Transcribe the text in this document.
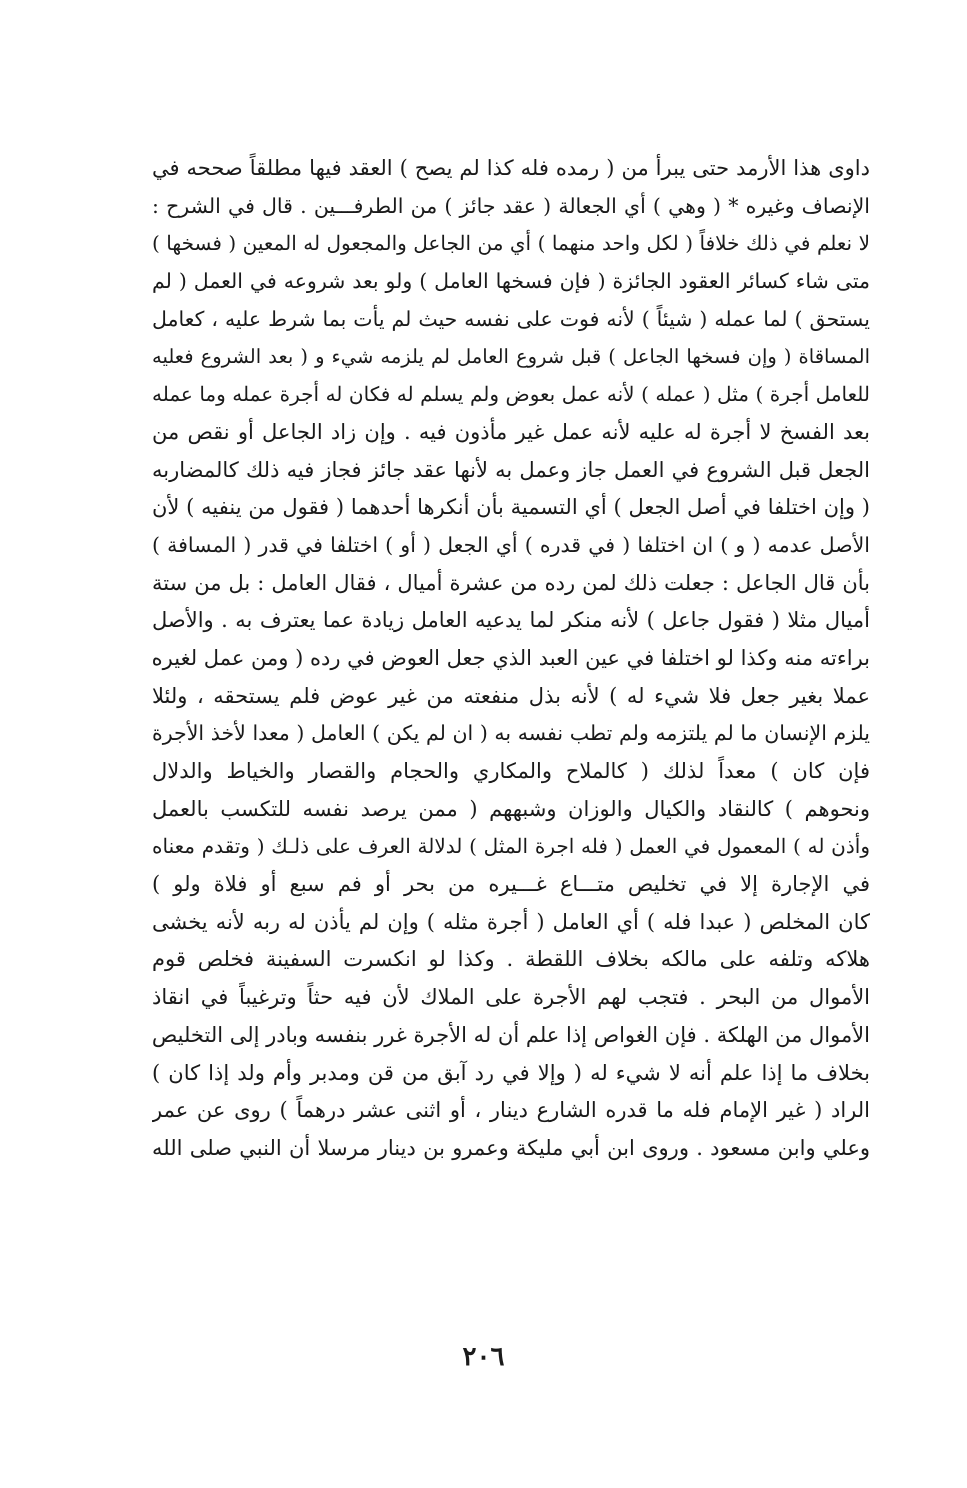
داوى هذا الأرمد حتى يبرأ من ( رمده فله كذا لم يصح ) العقد فيها مطلقاً صححه في
الإنصاف وغيره * ( وهي ) أي الجعالة ( عقد جائز ) من الطرفـــين . قال في الشرح :
لا نعلم في ذلك خلافاً ( لكل واحد منهما ) أي من الجاعل والمجعول له المعين ( فسخها )
متى شاء كسائر العقود الجائزة ( فإن فسخها العامل ) ولو بعد شروعه في العمل ( لم
يستحق ) لما عمله ( شيئاً ) لأنه فوت على نفسه حيث لم يأت بما شرط عليه ، كعامل
المساقاة ( وإن فسخها الجاعل ) قبل شروع العامل لم يلزمه شيء و ( بعد الشروع فعليه
للعامل أجرة ) مثل ( عمله ) لأنه عمل بعوض ولم يسلم له فكان له أجرة عمله وما عمله
بعد الفسخ لا أجرة له عليه لأنه عمل غير مأذون فيه . وإن زاد الجاعل أو نقص من
الجعل قبل الشروع في العمل جاز وعمل به لأنها عقد جائز فجاز فيه ذلك كالمضاربه
( وإن اختلفا في أصل الجعل ) أي التسمية بأن أنكرها أحدهما ( فقول من ينفيه ) لأن
الأصل عدمه ( و ) ان اختلفا ( في قدره ) أي الجعل ( أو ) اختلفا في قدر ( المسافة )
بأن قال الجاعل : جعلت ذلك لمن رده من عشرة أميال ، فقال العامل : بل من ستة
أميال مثلا ( فقول جاعل ) لأنه منكر لما يدعيه العامل زيادة عما يعترف به . والأصل
براءته منه وكذا لو اختلفا في عين العبد الذي جعل العوض في رده ( ومن عمل لغيره
عملا بغير جعل فلا شيء له ) لأنه بذل منفعته من غير عوض فلم يستحقه ، ولئلا
يلزم الإنسان ما لم يلتزمه ولم تطب نفسه به ( ان لم يكن ) العامل ( معدا لأخذ الأجرة
فإن كان ) معداً لذلك ( كالملاح والمكاري والحجام والقصار والخياط والدلال
ونحوهم ) كالنقاد والكيال والوزان وشبههم ( ممن يرصد نفسه للتكسب بالعمل
وأذن له ) المعمول في العمل ( فله اجرة المثل ) لدلالة العرف على ذلـك ( وتقدم معناه
في الإجارة إلا في تخليص متـــاع غـــيره من بحر أو فم سبع أو فلاة ولو )
كان المخلص ( عبدا فله ) أي العامل ( أجرة مثله ) وإن لم يأذن له ربه لأنه يخشى
هلاكه وتلفه على مالكه بخلاف اللقطة . وكذا لو انكسرت السفينة فخلص قوم
الأموال من البحر . فتجب لهم الأجرة على الملاك لأن فيه حثاً وترغيباً في انقاذ
الأموال من الهلكة . فإن الغواص إذا علم أن له الأجرة غرر بنفسه وبادر إلى التخليص
بخلاف ما إذا علم أنه لا شيء له ( وإلا في رد آبق من قن ومدبر وأم ولد إذا كان )
الراد ( غير الإمام فله ما قدره الشارع دينار ، أو اثنى عشر درهماً ) روى عن عمر
وعلي وابن مسعود . وروى ابن أبي مليكة وعمرو بن دينار مرسلا أن النبي صلى الله
٢٠٦
